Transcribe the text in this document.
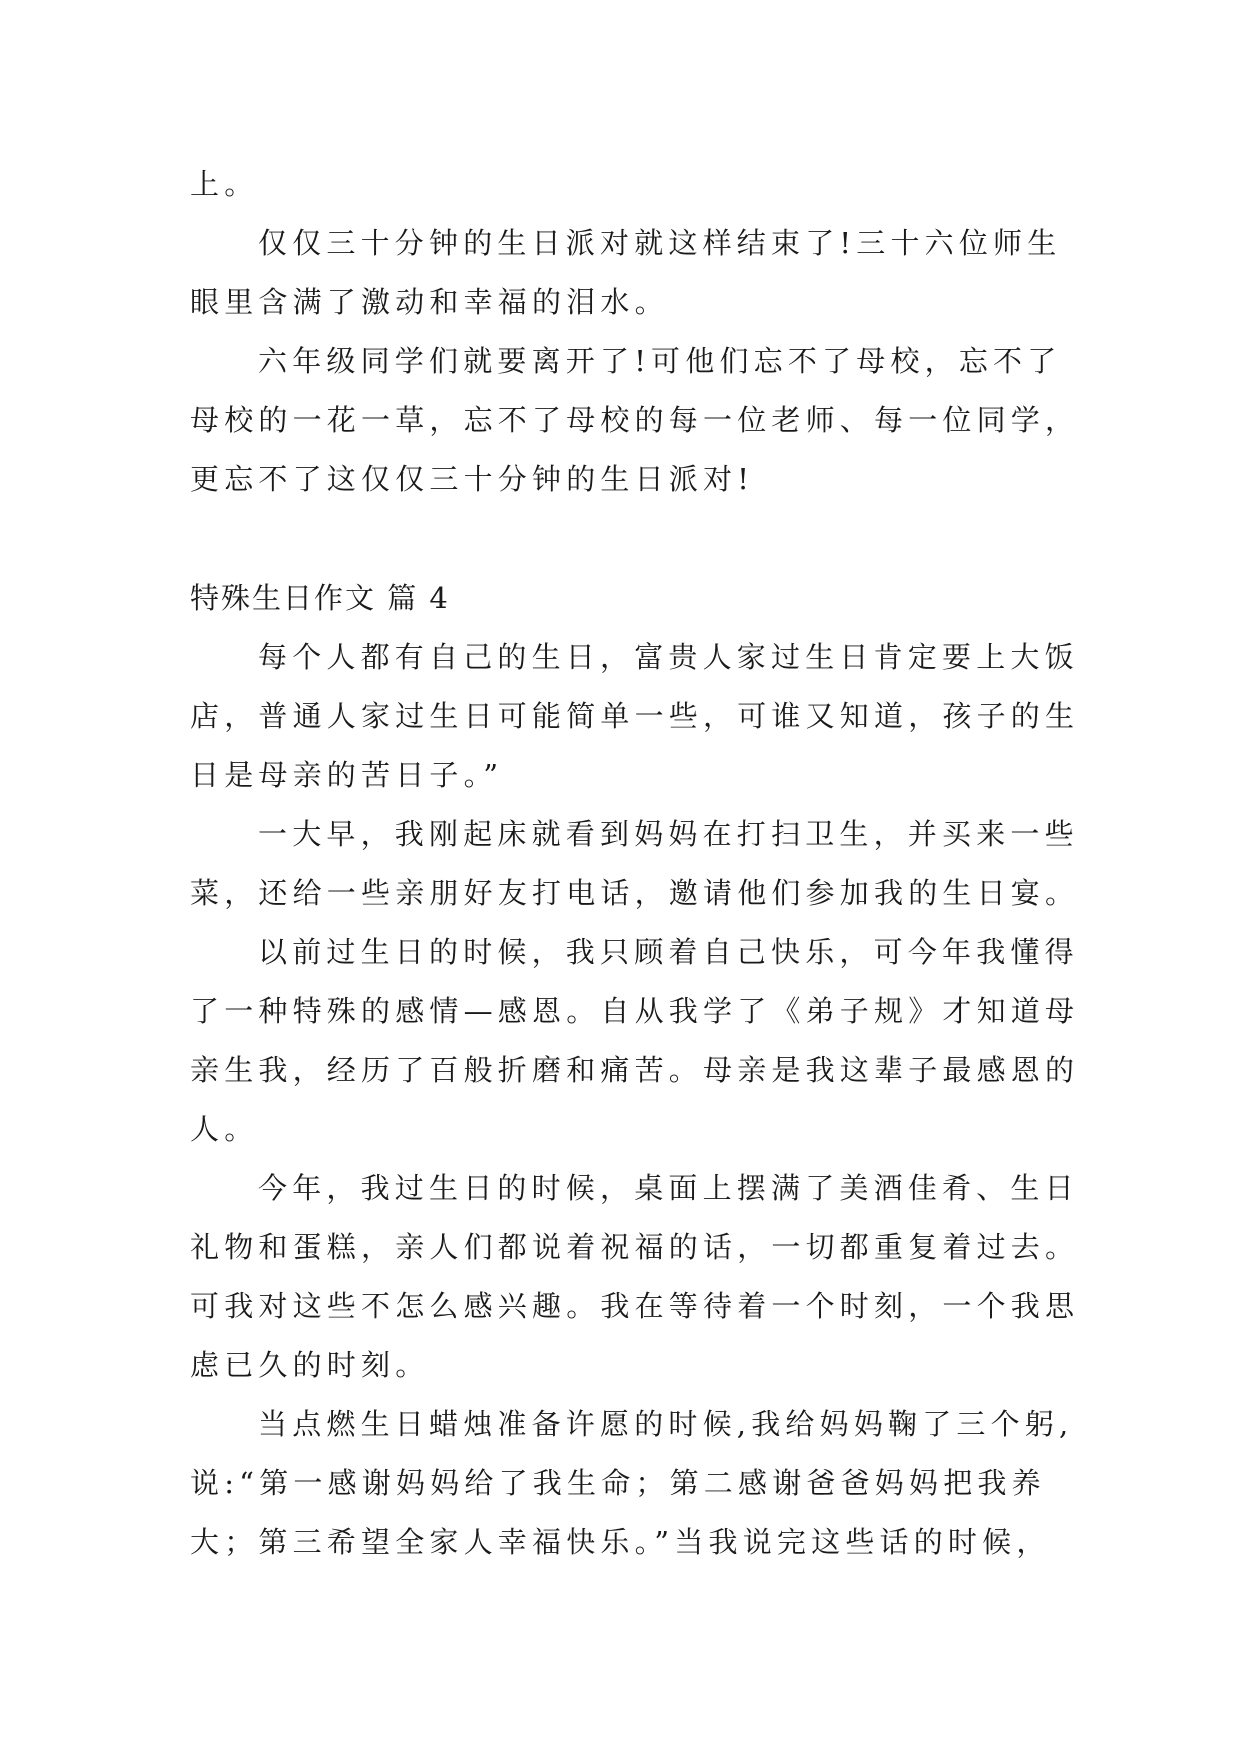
上。
仅仅三十分钟的生日派对就这样结束了!三十六位师生
眼里含满了激动和幸福的泪水。
六年级同学们就要离开了!可他们忘不了母校，忘不了
母校的一花一草，忘不了母校的每一位老师、每一位同学，
更忘不了这仅仅三十分钟的生日派对!
特殊生日作文 篇 4
每个人都有自己的生日，富贵人家过生日肯定要上大饭
店，普通人家过生日可能简单一些，可谁又知道，孩子的生
日是母亲的苦日子。”
一大早，我刚起床就看到妈妈在打扫卫生，并买来一些
菜，还给一些亲朋好友打电话，邀请他们参加我的生日宴。
以前过生日的时候，我只顾着自己快乐，可今年我懂得
了一种特殊的感情—感恩。自从我学了《弟子规》才知道母
亲生我，经历了百般折磨和痛苦。母亲是我这辈子最感恩的
人。
今年，我过生日的时候，桌面上摆满了美酒佳肴、生日
礼物和蛋糕，亲人们都说着祝福的话，一切都重复着过去。
可我对这些不怎么感兴趣。我在等待着一个时刻，一个我思
虑已久的时刻。
当点燃生日蜡烛准备许愿的时候,我给妈妈鞠了三个躬,
说:“第一感谢妈妈给了我生命；第二感谢爸爸妈妈把我养
大；第三希望全家人幸福快乐。”当我说完这些话的时候，
